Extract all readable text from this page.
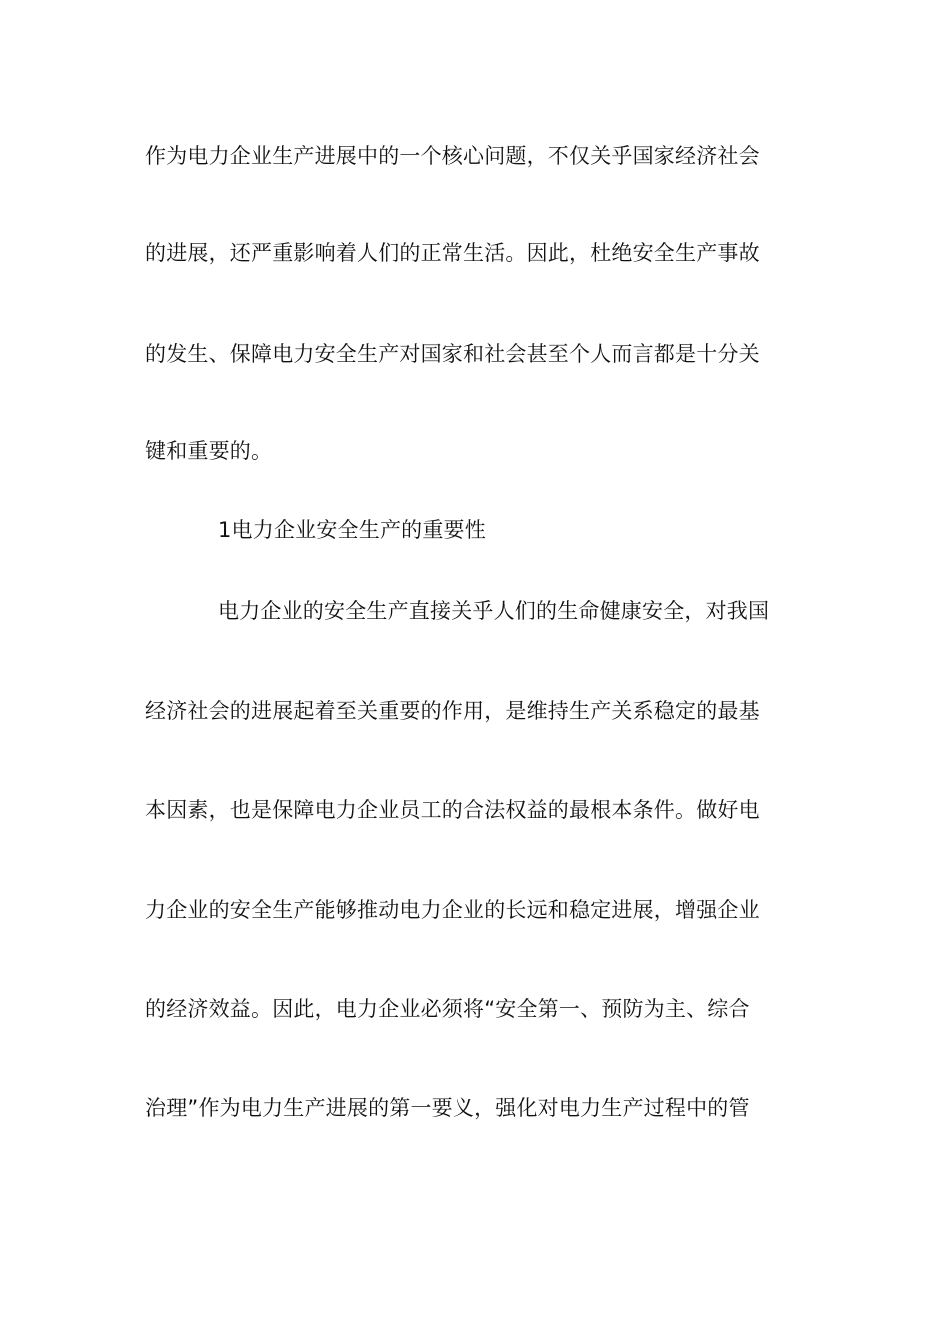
作为电力企业生产进展中的一个核心问题，不仅关乎国家经济社会
的进展，还严重影响着人们的正常生活。因此，杜绝安全生产事故
的发生、保障电力安全生产对国家和社会甚至个人而言都是十分关
键和重要的。
1电力企业安全生产的重要性
电力企业的安全生产直接关乎人们的生命健康安全，对我国
经济社会的进展起着至关重要的作用，是维持生产关系稳定的最基
本因素，也是保障电力企业员工的合法权益的最根本条件。做好电
力企业的安全生产能够推动电力企业的长远和稳定进展，增强企业
的经济效益。因此，电力企业必须将“安全第一、预防为主、综合
治理”作为电力生产进展的第一要义，强化对电力生产过程中的管
